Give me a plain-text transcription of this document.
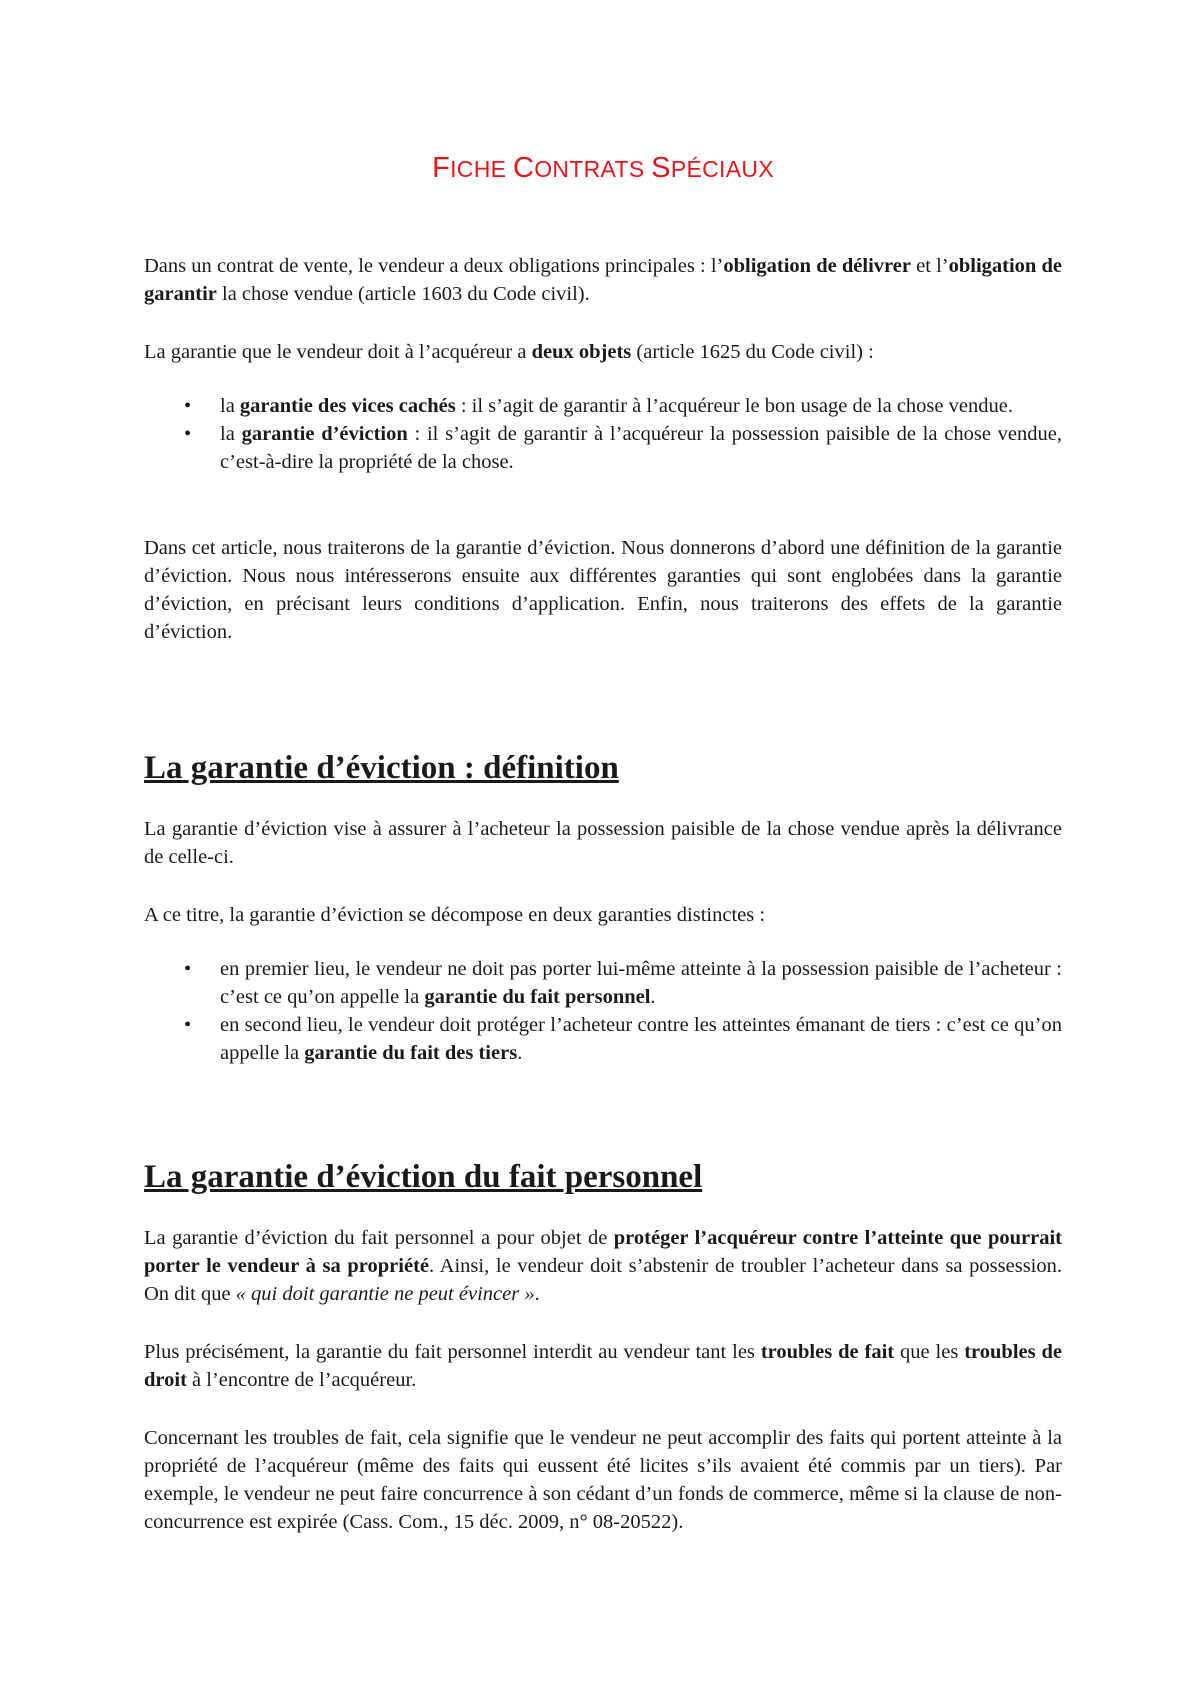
FICHE CONTRATS SPÉCIAUX

Dans un contrat de vente, le vendeur a deux obligations principales : l’obligation de délivrer et l’obligation de garantir la chose vendue (article 1603 du Code civil).

La garantie que le vendeur doit à l’acquéreur a deux objets (article 1625 du Code civil) :

• la garantie des vices cachés : il s’agit de garantir à l’acquéreur le bon usage de la chose vendue.
• la garantie d’éviction : il s’agit de garantir à l’acquéreur la possession paisible de la chose vendue, c’est-à-dire la propriété de la chose.

Dans cet article, nous traiterons de la garantie d’éviction. Nous donnerons d’abord une définition de la garantie d’éviction. Nous nous intéresserons ensuite aux différentes garanties qui sont englobées dans la garantie d’éviction, en précisant leurs conditions d’application. Enfin, nous traiterons des effets de la garantie d’éviction.

La garantie d’éviction : définition

La garantie d’éviction vise à assurer à l’acheteur la possession paisible de la chose vendue après la délivrance de celle-ci.

A ce titre, la garantie d’éviction se décompose en deux garanties distinctes :

• en premier lieu, le vendeur ne doit pas porter lui-même atteinte à la possession paisible de l’acheteur : c’est ce qu’on appelle la garantie du fait personnel.
• en second lieu, le vendeur doit protéger l’acheteur contre les atteintes émanant de tiers : c’est ce qu’on appelle la garantie du fait des tiers.
La garantie d’éviction du fait personnel

La garantie d’éviction du fait personnel a pour objet de protéger l’acquéreur contre l’atteinte que pourrait porter le vendeur à sa propriété. Ainsi, le vendeur doit s’abstenir de troubler l’acheteur dans sa possession. On dit que « qui doit garantie ne peut évincer ».

Plus précisément, la garantie du fait personnel interdit au vendeur tant les troubles de fait que les troubles de droit à l’encontre de l’acquéreur.

Concernant les troubles de fait, cela signifie que le vendeur ne peut accomplir des faits qui portent atteinte à la propriété de l’acquéreur (même des faits qui eussent été licites s’ils avaient été commis par un tiers). Par exemple, le vendeur ne peut faire concurrence à son cédant d’un fonds de commerce, même si la clause de non-concurrence est expirée (Cass. Com., 15 déc. 2009, n° 08-20522).
